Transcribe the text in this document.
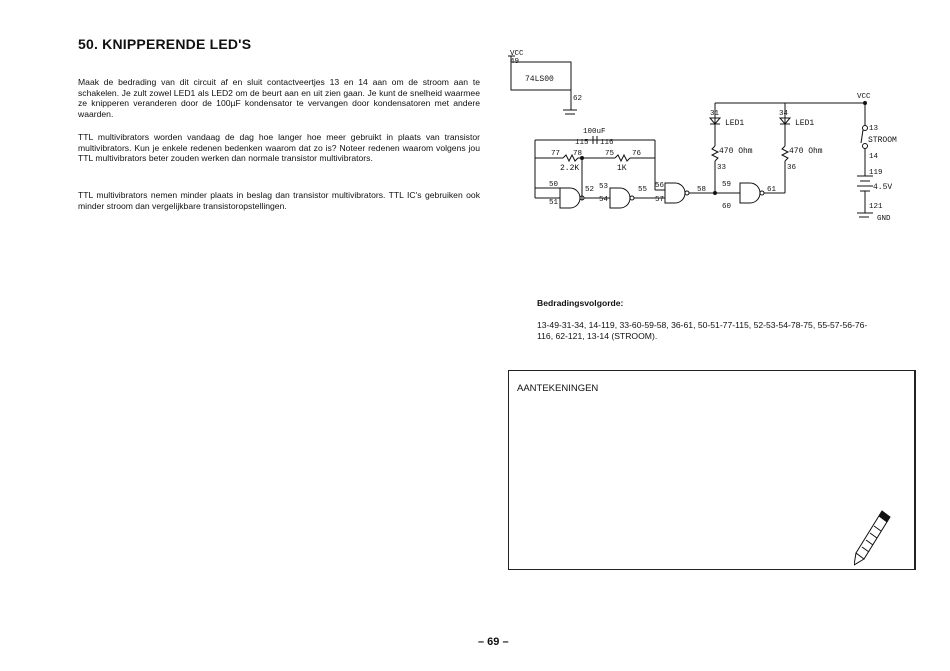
50. KNIPPERENDE LED'S
Maak de bedrading van dit circuit af en sluit contactveertjes 13 en 14 aan om de stroom aan te schakelen. Je zult zowel LED1 als LED2 om de beurt aan en uit zien gaan. Je kunt de snelheid waarmee ze knipperen veranderen door de 100µF kondensator te vervangen door kondensatoren met andere waarden.
TTL multivibrators worden vandaag de dag hoe langer hoe meer gebruikt in plaats van transistor multivibrators. Kun je enkele redenen bedenken waarom dat zo is? Noteer redenen waarom volgens jou TTL multivibrators beter zouden werken dan normale transistor multivibrators.
TTL multivibrators nemen minder plaats in beslag dan transistor multivibrators. TTL IC's gebruiken ook minder stroom dan vergelijkbare transistoropstellingen.
VCC
49
74LS00
62
100uF
115 116
77 78	75 76
2.2K	1K
50
51
52 53
54
55 56
57
58
59
60
61
31
LED1
34
LED1
470 Ohm	470 Ohm
33	36
VCC
13
STROOM
14
119
4.5V
121
GND
Bedradingsvolgorde:
13-49-31-34, 14-119, 33-60-59-58, 36-61, 50-51-77-115, 52-53-54-78-75, 55-57-56-76-116, 62-121, 13-14 (STROOM).
AANTEKENINGEN
– 69 –
